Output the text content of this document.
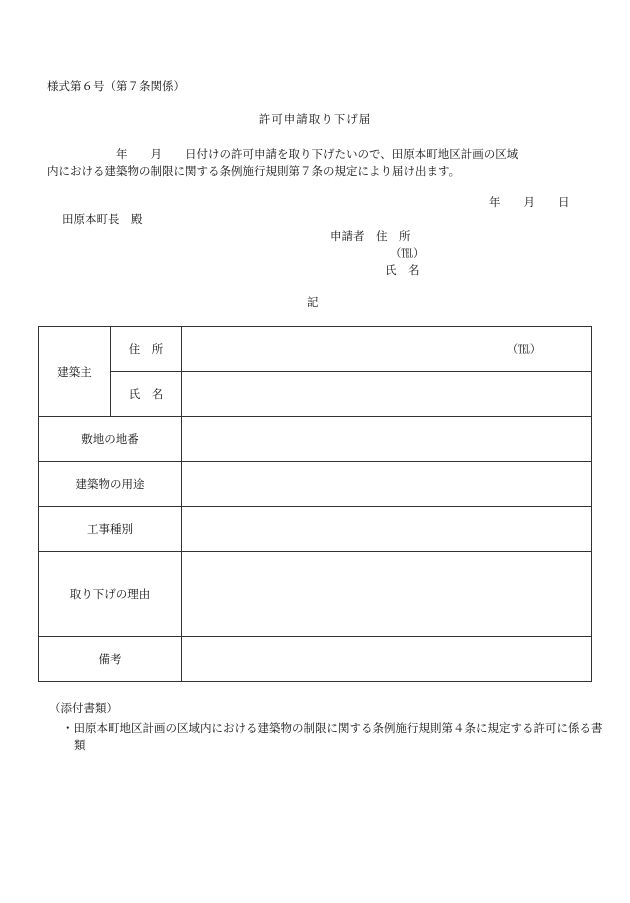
様式第６号（第７条関係）
許可申請取り下げ届
年　　月　　日付けの許可申請を取り下げたいので、田原本町地区計画の区域
内における建築物の制限に関する条例施行規則第７条の規定により届け出ます。
年　　月　　日
田原本町長　殿
申請者　住　所
（℡）
氏　名
記
建築主	住　所	（℡）
	氏　名	
敷地の地番		
建築物の用途		
工事種別		
取り下げの理由		
備考		
（添付書類）
・田原本町地区計画の区域内における建築物の制限に関する条例施行規則第４条に規定する許可に係る書類
